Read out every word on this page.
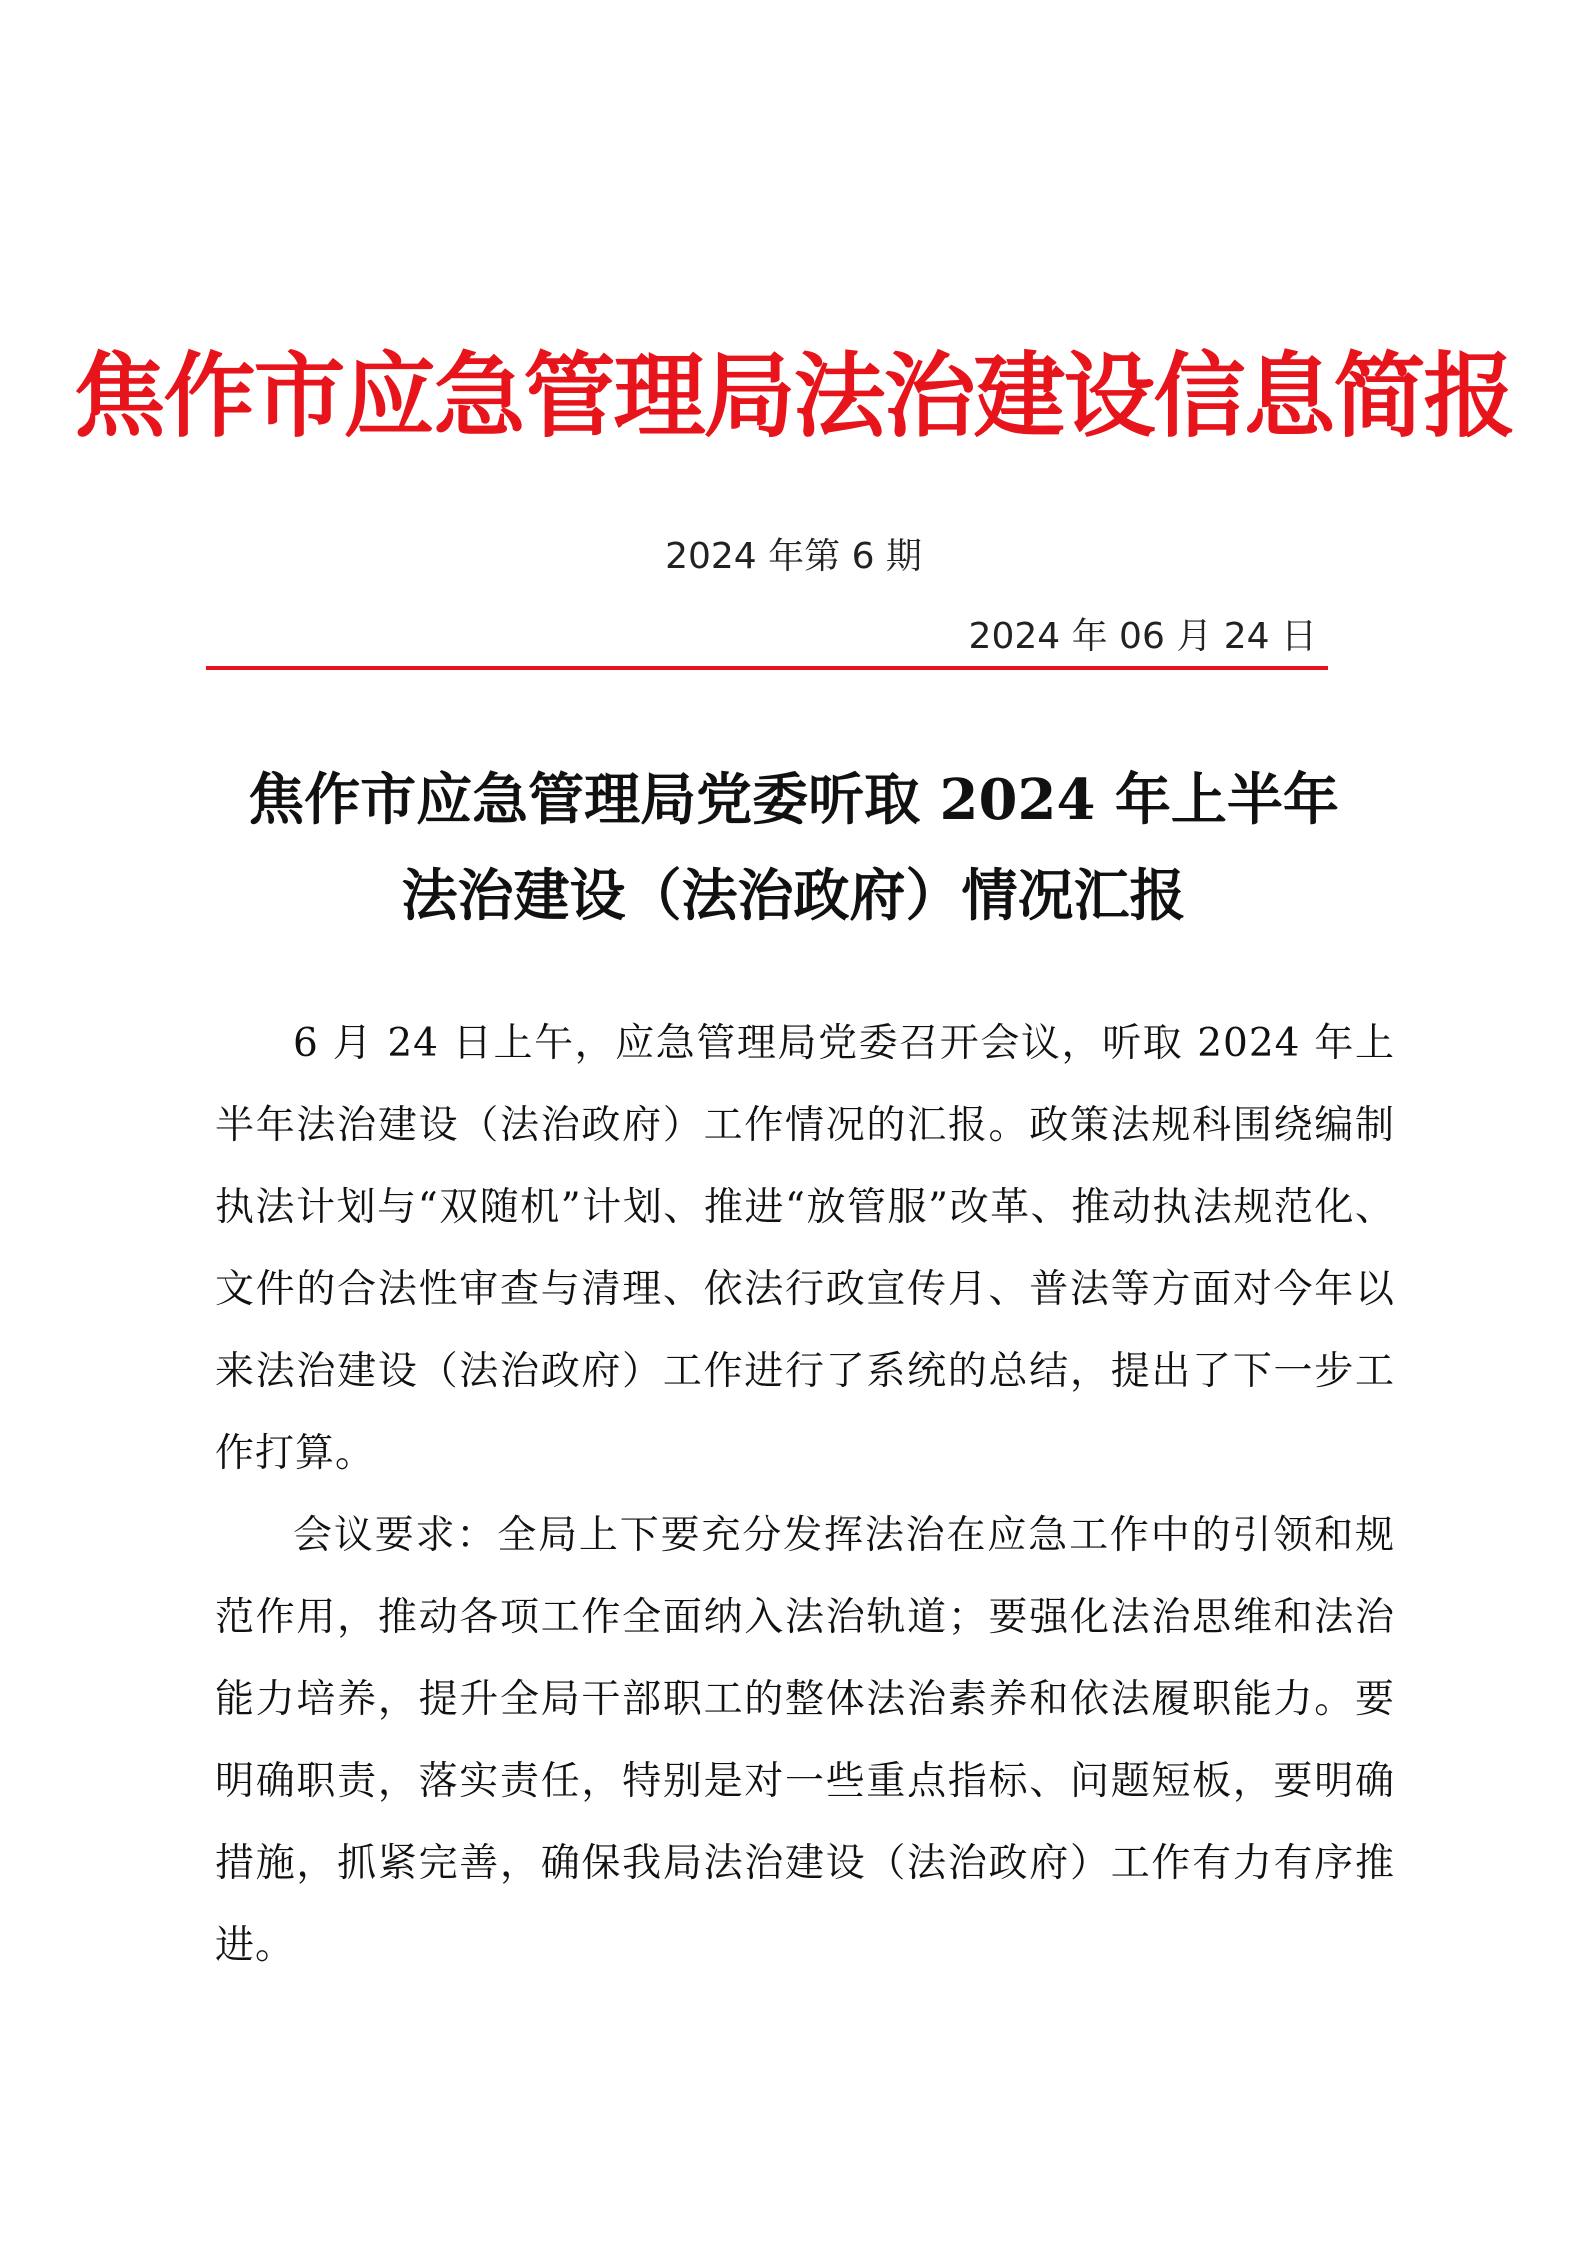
焦作市应急管理局法治建设信息简报
2024 年第 6 期
2024 年 06 月 24 日
焦作市应急管理局党委听取 2024 年上半年
法治建设（法治政府）情况汇报

6 月 24 日上午，应急管理局党委召开会议，听取 2024 年上半年法治建设（法治政府）工作情况的汇报。政策法规科围绕编制执法计划与“双随机”计划、推进“放管服”改革、推动执法规范化、文件的合法性审查与清理、依法行政宣传月、普法等方面对今年以来法治建设（法治政府）工作进行了系统的总结，提出了下一步工作打算。

会议要求：全局上下要充分发挥法治在应急工作中的引领和规范作用，推动各项工作全面纳入法治轨道；要强化法治思维和法治能力培养，提升全局干部职工的整体法治素养和依法履职能力。要明确职责，落实责任，特别是对一些重点指标、问题短板，要明确措施，抓紧完善，确保我局法治建设（法治政府）工作有力有序推进。
